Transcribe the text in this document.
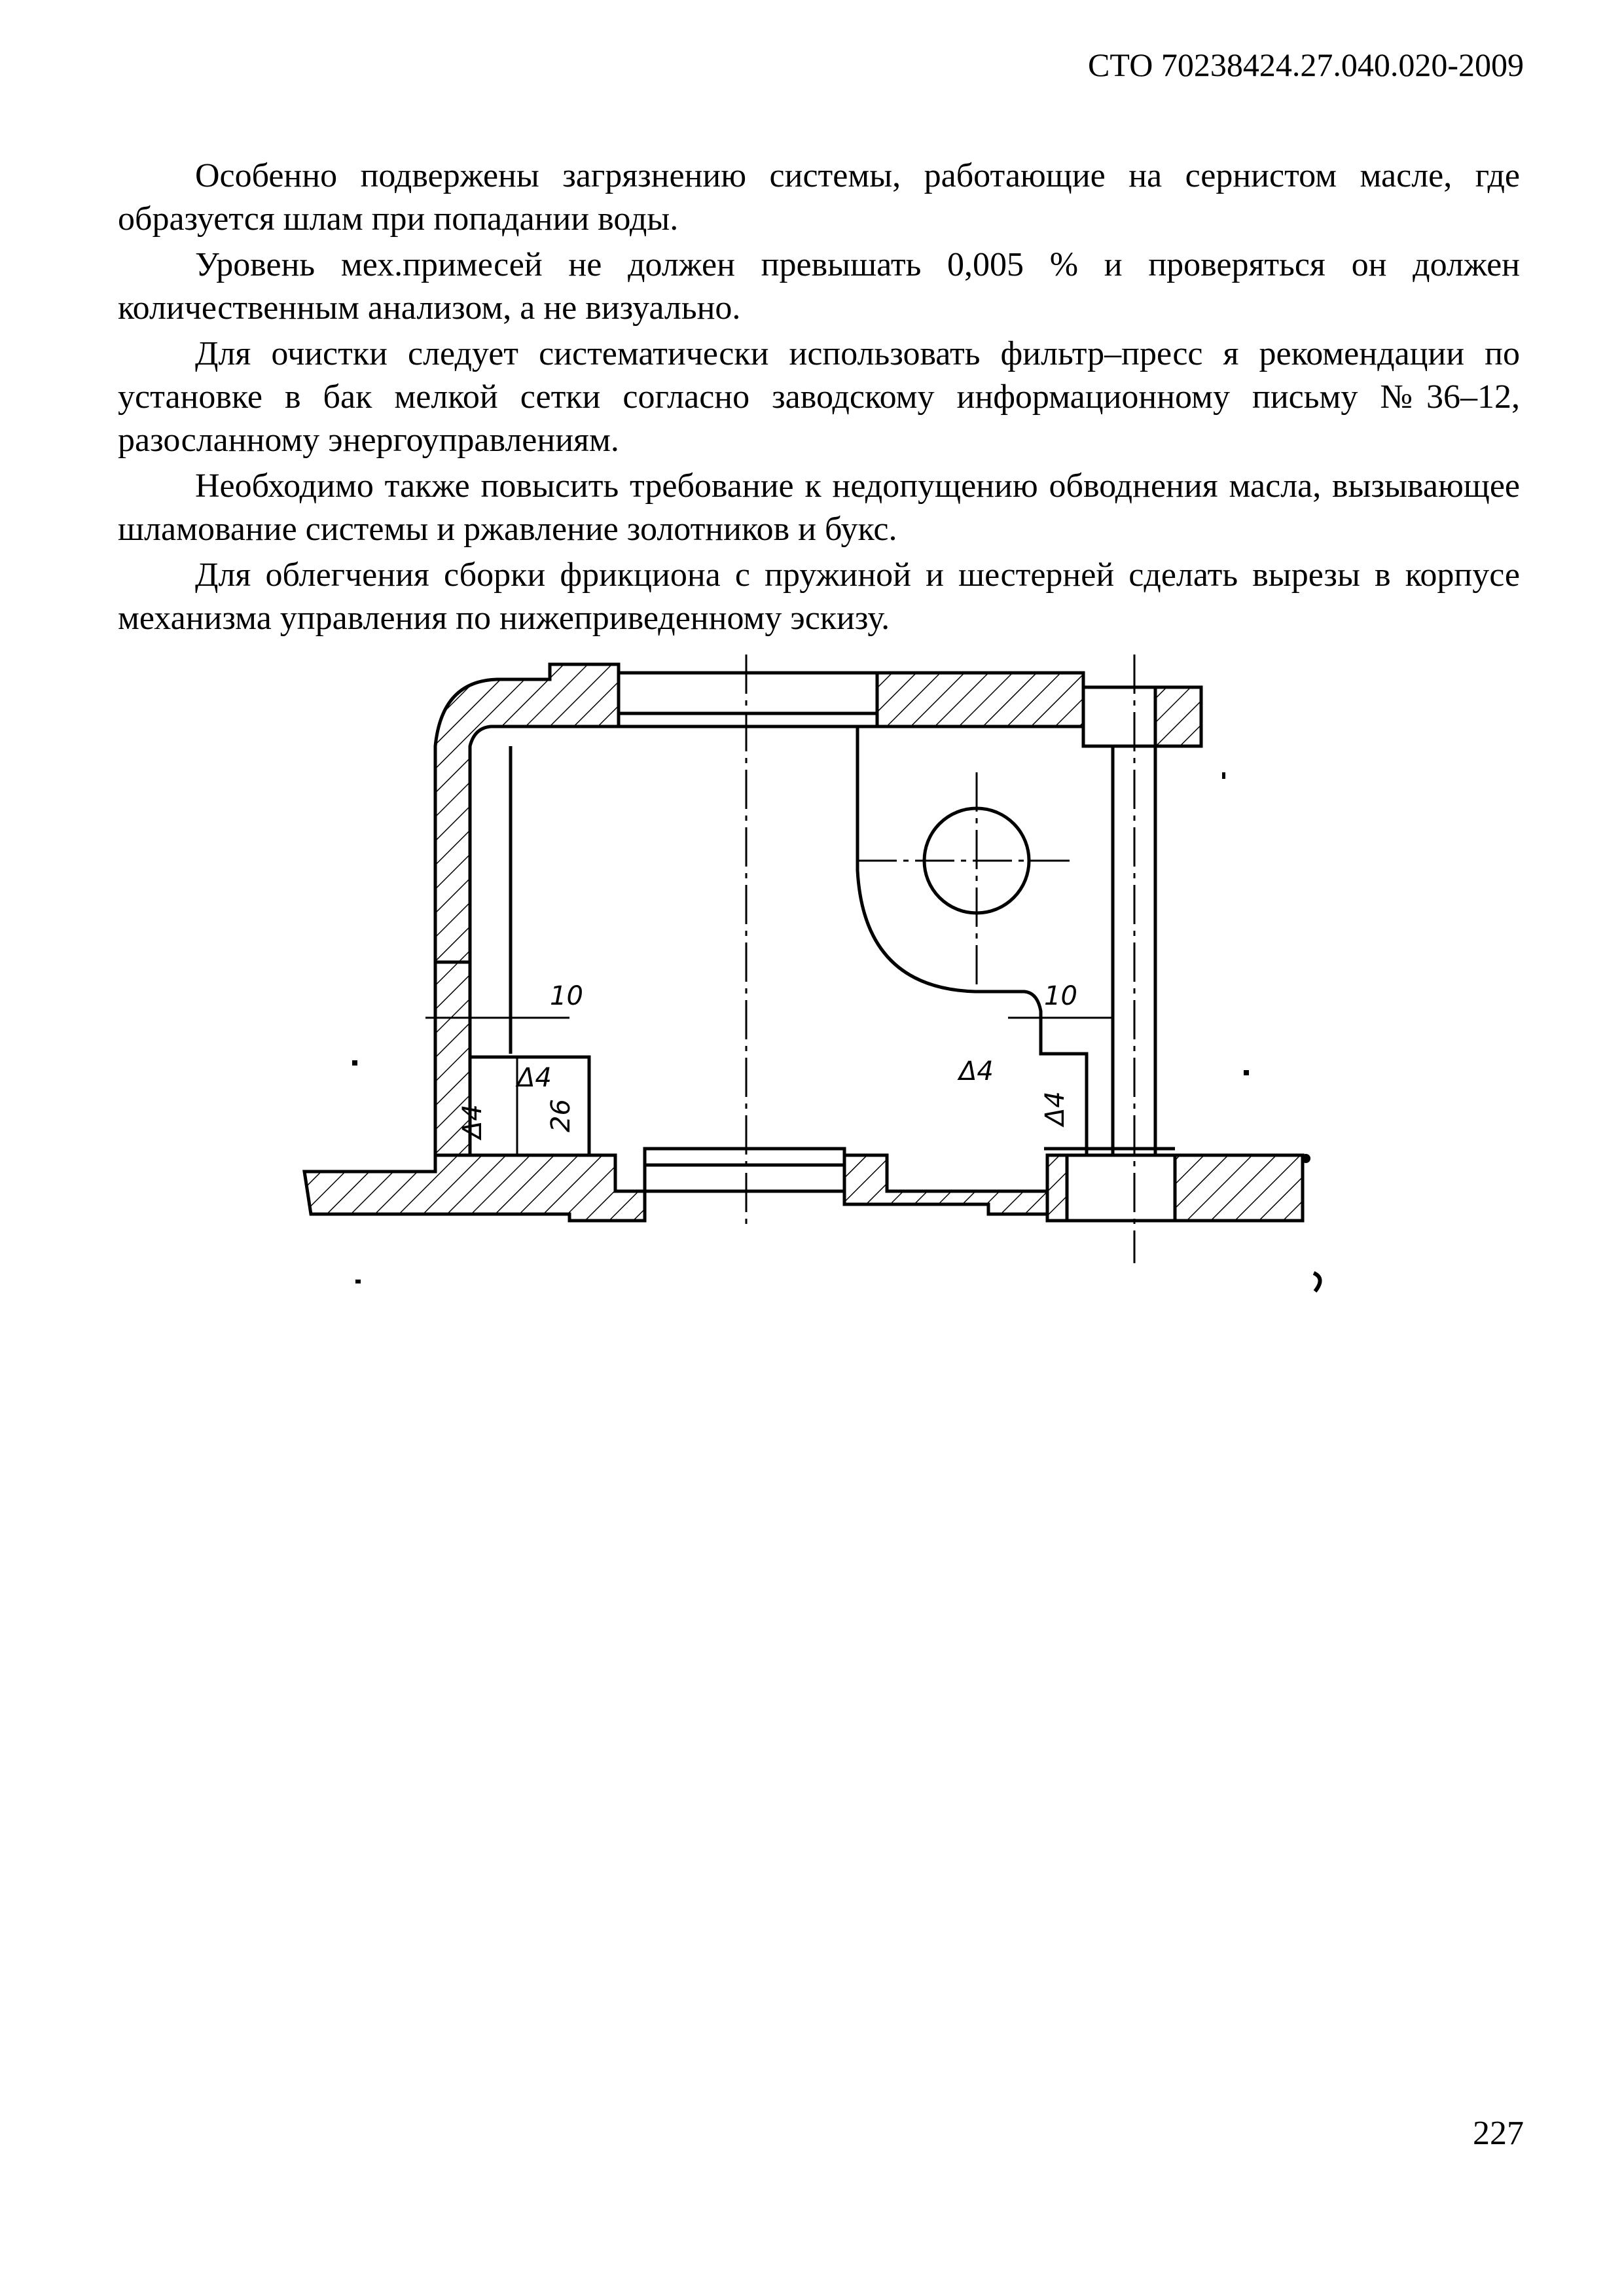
СТО 70238424.27.040.020-2009

Особенно подвержены загрязнению системы, работающие на сернистом масле, где образуется шлам при попадании воды.

Уровень мех.примесей не должен превышать 0,005 % и проверяться он должен количественным анализом, а не визуально.

Для очистки следует систематически использовать фильтр–пресс я рекомендации по установке в бак мелкой сетки согласно заводскому информационному письму №36–12, разосланному энергоуправлениям.

Необходимо также повысить требование к недопущению обводнения масла, вызывающее шламование системы и ржавление золотников и букс.

Для облегчения сборки фрикциона с пружиной и шестерней сделать вырезы в корпусе механизма управления по нижеприведенному эскизу.

10	10
Δ4
Δ4 26
Δ4
Δ4
227
